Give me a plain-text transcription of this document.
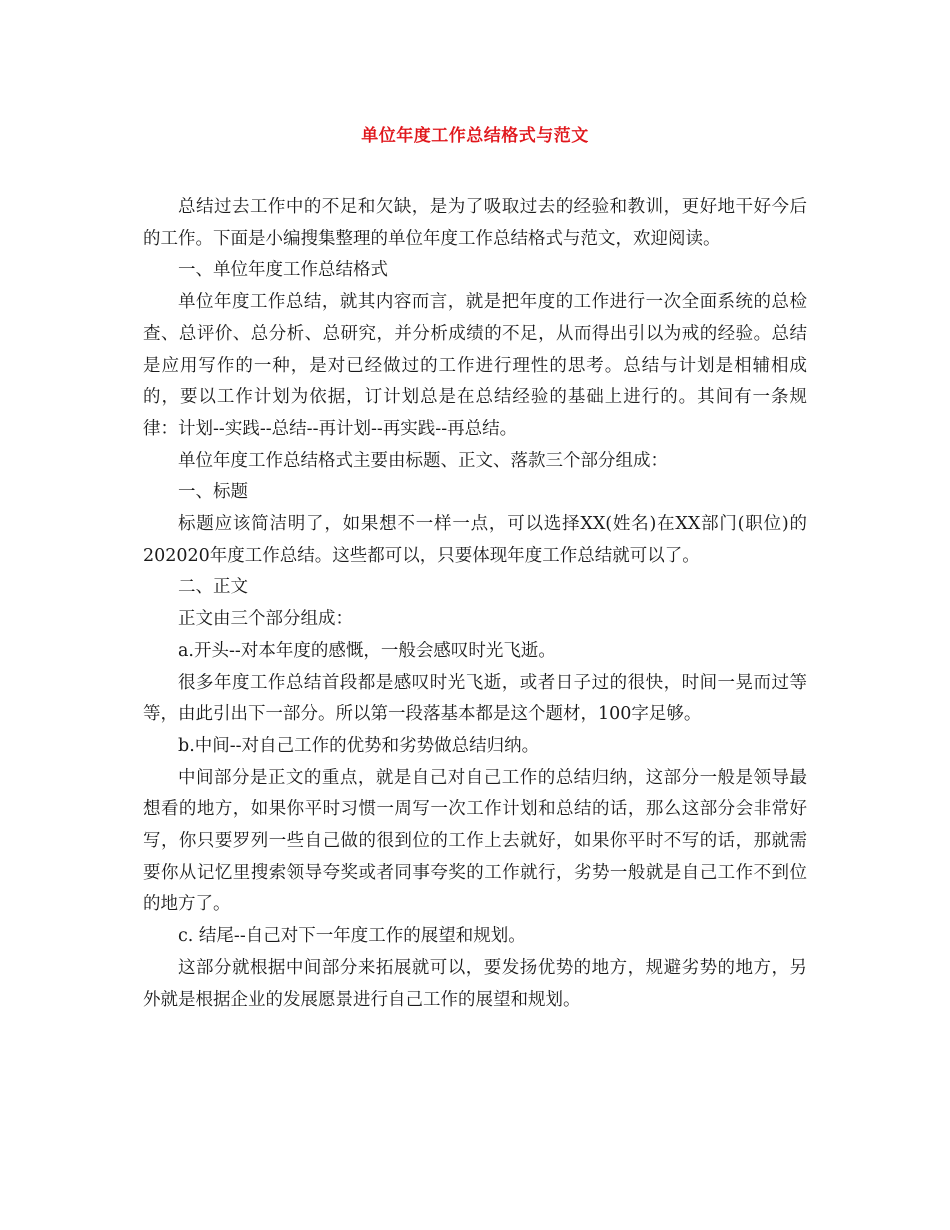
单位年度工作总结格式与范文

总结过去工作中的不足和欠缺，是为了吸取过去的经验和教训，更好地干好今后的工作。下面是小编搜集整理的单位年度工作总结格式与范文，欢迎阅读。

一、单位年度工作总结格式

单位年度工作总结，就其内容而言，就是把年度的工作进行一次全面系统的总检查、总评价、总分析、总研究，并分析成绩的不足，从而得出引以为戒的经验。总结是应用写作的一种，是对已经做过的工作进行理性的思考。总结与计划是相辅相成的，要以工作计划为依据，订计划总是在总结经验的基础上进行的。其间有一条规律：计划--实践--总结--再计划--再实践--再总结。

单位年度工作总结格式主要由标题、正文、落款三个部分组成：

一、标题

标题应该简洁明了，如果想不一样一点，可以选择XX(姓名)在XX部门(职位)的202020年度工作总结。这些都可以，只要体现年度工作总结就可以了。

二、正文

正文由三个部分组成：

a.开头--对本年度的感慨，一般会感叹时光飞逝。

很多年度工作总结首段都是感叹时光飞逝，或者日子过的很快，时间一晃而过等等，由此引出下一部分。所以第一段落基本都是这个题材，100字足够。

b.中间--对自己工作的优势和劣势做总结归纳。

中间部分是正文的重点，就是自己对自己工作的总结归纳，这部分一般是领导最想看的地方，如果你平时习惯一周写一次工作计划和总结的话，那么这部分会非常好写，你只要罗列一些自己做的很到位的工作上去就好，如果你平时不写的话，那就需要你从记忆里搜索领导夸奖或者同事夸奖的工作就行，劣势一般就是自己工作不到位的地方了。

c. 结尾--自己对下一年度工作的展望和规划。

这部分就根据中间部分来拓展就可以，要发扬优势的地方，规避劣势的地方，另外就是根据企业的发展愿景进行自己工作的展望和规划。
